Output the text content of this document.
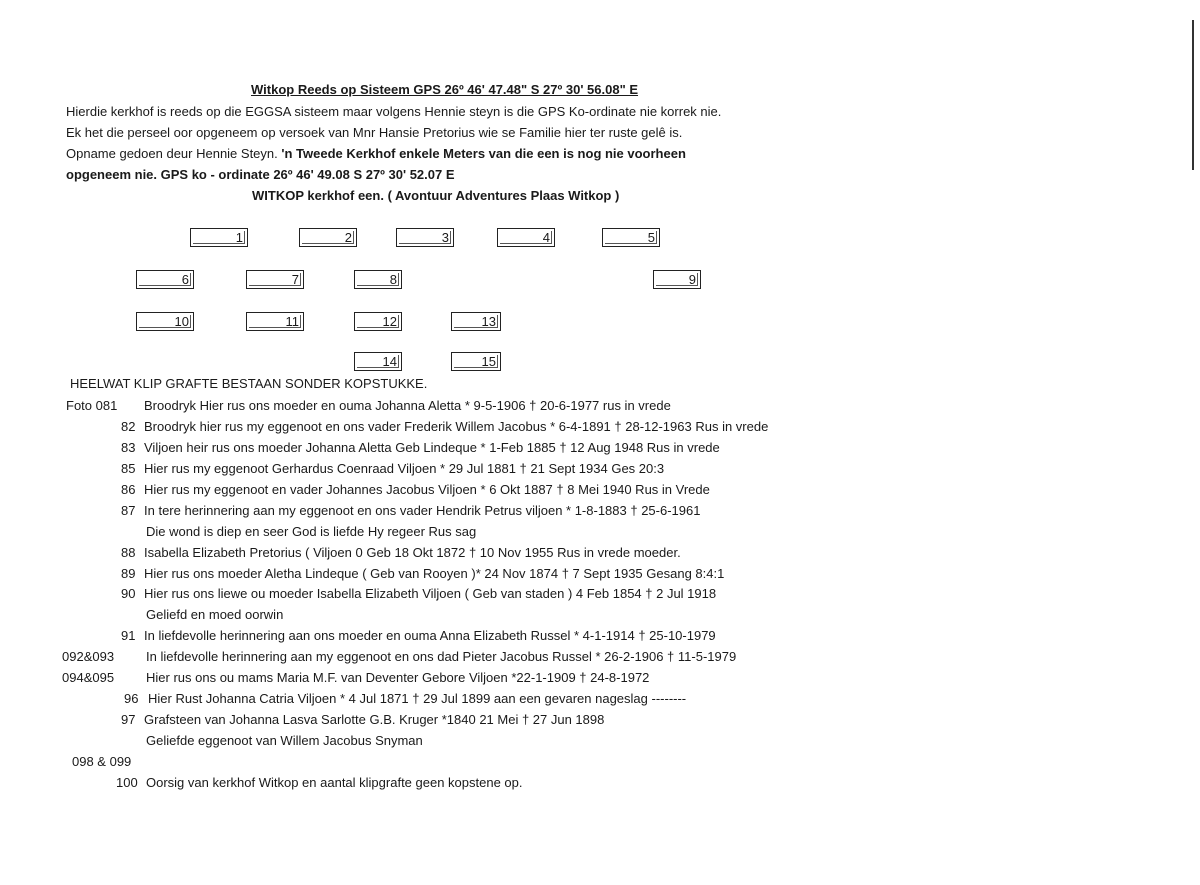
Witkop Reeds op Sisteem GPS 26º 46' 47.48" S 27º 30' 56.08" E
Hierdie kerkhof is reeds op die EGGSA sisteem maar volgens Hennie steyn is die GPS Ko-ordinate nie korrek nie.
Ek het die perseel oor opgeneem op versoek van Mnr Hansie Pretorius wie se Familie hier ter ruste gelê is.
Opname gedoen deur Hennie Steyn. 'n Tweede Kerkhof enkele Meters van die een is nog nie voorheen
opgeneem nie. GPS ko - ordinate 26º 46' 49.08 S 27º 30' 52.07 E
WITKOP kerkhof een. ( Avontuur Adventures Plaas Witkop )
1	2	3	4	5
6	7	8	9
10	11	12	13
14	15
HEELWAT KLIP GRAFTE BESTAAN SONDER KOPSTUKKE.
Foto 081 Broodryk Hier rus ons moeder en ouma Johanna Aletta * 9-5-1906 † 20-6-1977 rus in vrede
82 Broodryk hier rus my eggenoot en ons vader Frederik Willem Jacobus * 6-4-1891 † 28-12-1963 Rus in vrede
83 Viljoen heir rus ons moeder Johanna Aletta Geb Lindeque * 1-Feb 1885 † 12 Aug 1948 Rus in vrede
85 Hier rus my eggenoot Gerhardus Coenraad Viljoen * 29 Jul 1881 † 21 Sept 1934 Ges 20:3
86 Hier rus my eggenoot en vader Johannes Jacobus Viljoen * 6 Okt 1887 † 8 Mei 1940 Rus in Vrede
87 In tere herinnering aan my eggenoot en ons vader Hendrik Petrus viljoen * 1-8-1883 † 25-6-1961
Die wond is diep en seer God is liefde Hy regeer Rus sag
88 Isabella Elizabeth Pretorius ( Viljoen 0 Geb 18 Okt 1872 † 10 Nov 1955 Rus in vrede moeder.
89 Hier rus ons moeder Aletha Lindeque ( Geb van Rooyen )* 24 Nov 1874 † 7 Sept 1935 Gesang 8:4:1
90 Hier rus ons liewe ou moeder Isabella Elizabeth Viljoen ( Geb van staden ) 4 Feb 1854 † 2 Jul 1918
Geliefd en moed oorwin
91 In liefdevolle herinnering aan ons moeder en ouma Anna Elizabeth Russel * 4-1-1914 † 25-10-1979
092&093 In liefdevolle herinnering aan my eggenoot en ons dad Pieter Jacobus Russel * 26-2-1906 † 11-5-1979
094&095 Hier rus ons ou mams Maria M.F. van Deventer Gebore Viljoen *22-1-1909 † 24-8-1972
96 Hier Rust Johanna Catria Viljoen * 4 Jul 1871 † 29 Jul 1899 aan een gevaren nageslag --------
97 Grafsteen van Johanna Lasva Sarlotte G.B. Kruger *1840 21 Mei † 27 Jun 1898
Geliefde eggenoot van Willem Jacobus Snyman
098 & 099
100 Oorsig van kerkhof Witkop en aantal klipgrafte geen kopstene op.
